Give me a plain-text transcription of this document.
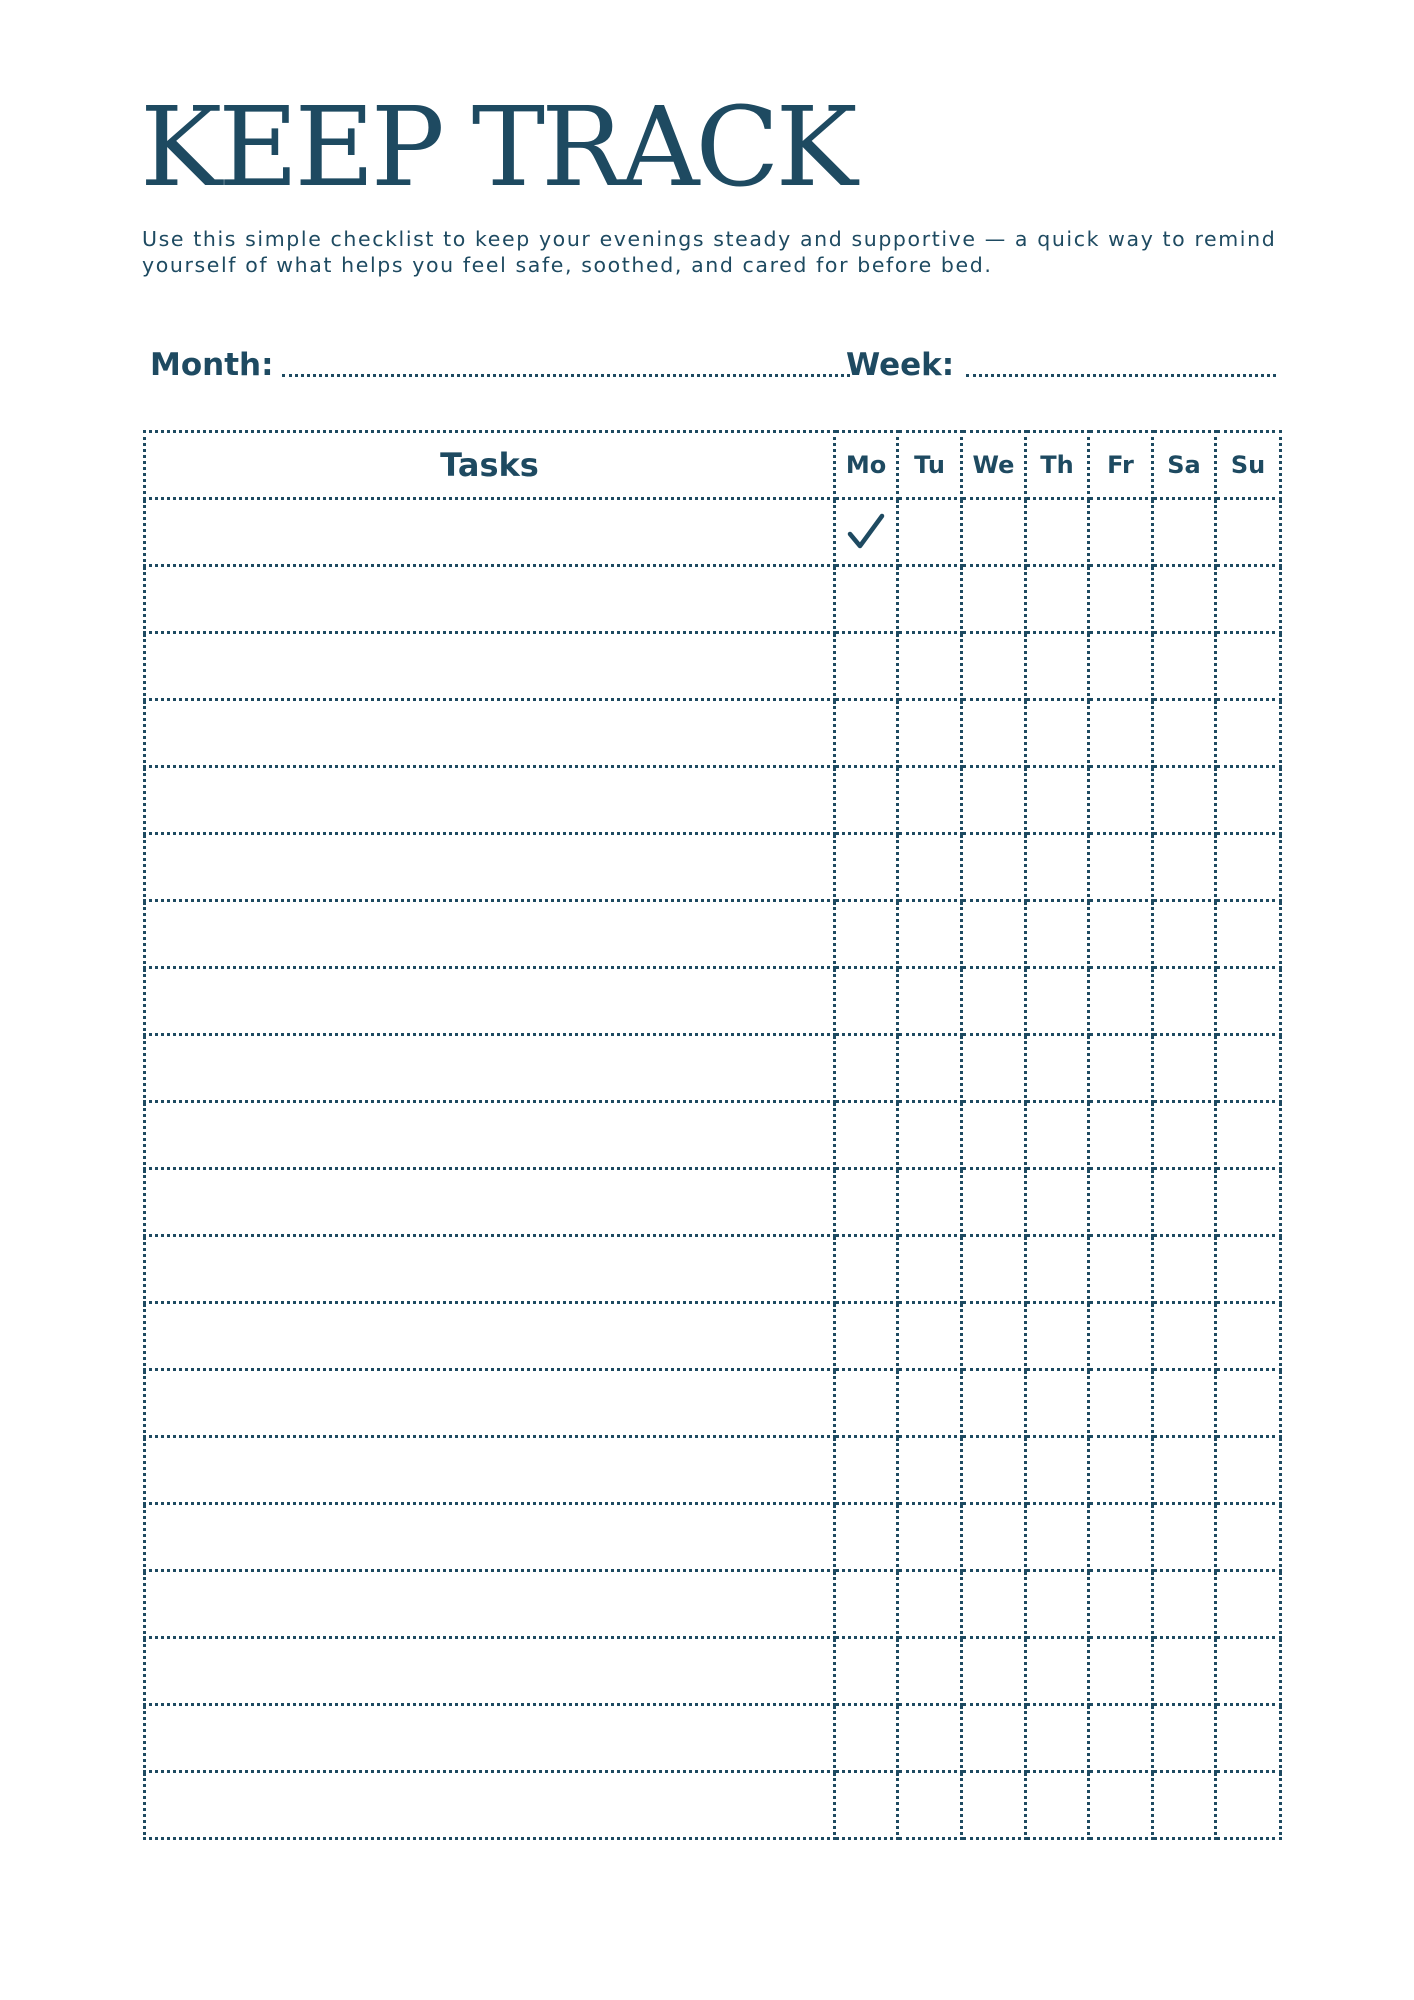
KEEP TRACK

Use this simple checklist to keep your evenings steady and supportive — a quick way to remind yourself of what helps you feel safe, soothed, and cared for before bed.

Month:	Week:
Tasks	Mo	Tu	We	Th	Fr	Sa	Su
